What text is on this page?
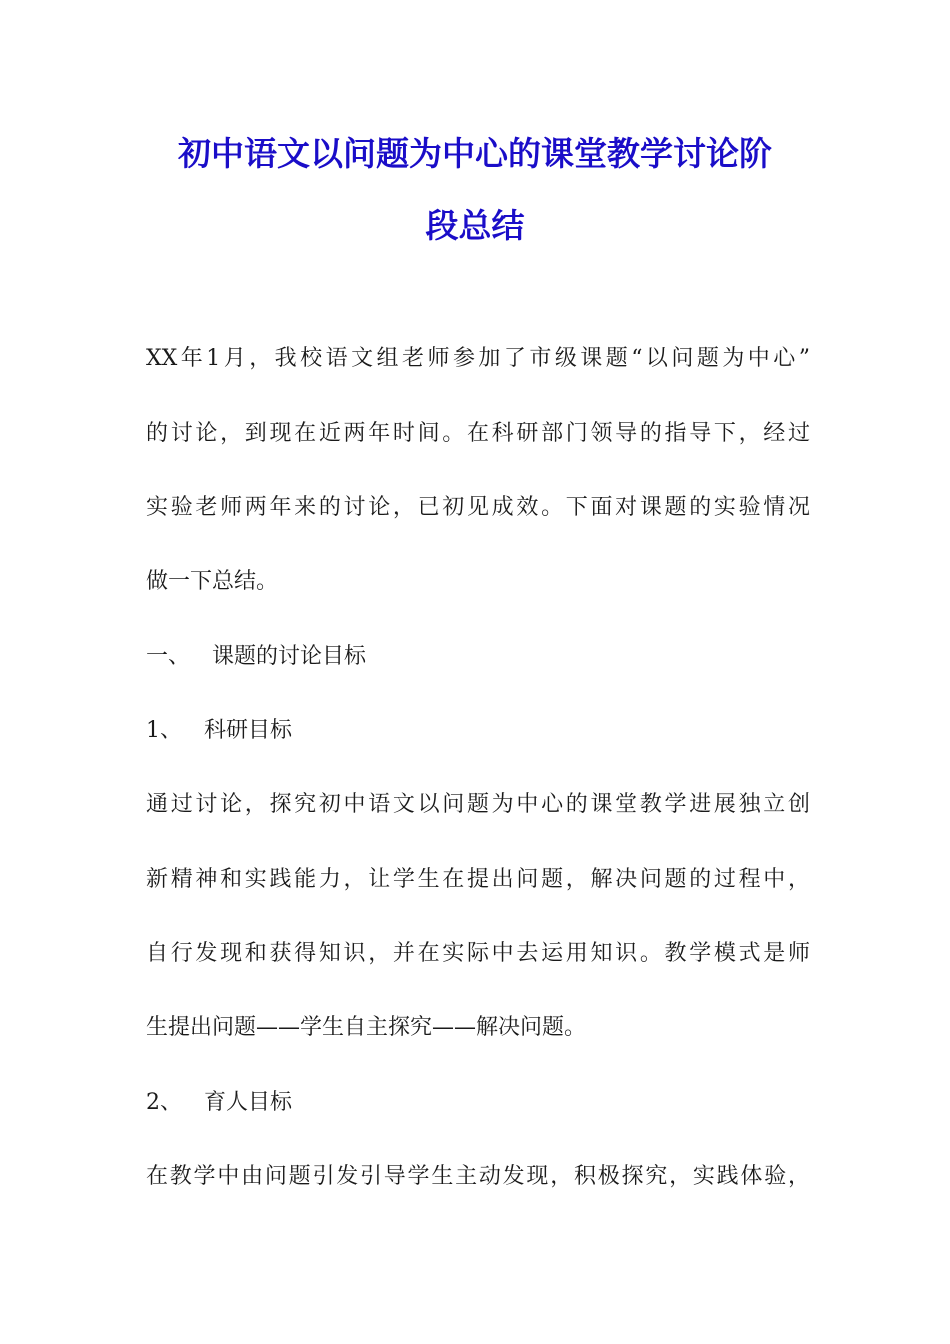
初中语文以问题为中心的课堂教学讨论阶
段总结
XX年1月，我校语文组老师参加了市级课题“以问题为中心”
的讨论，到现在近两年时间。在科研部门领导的指导下，经过
实验老师两年来的讨论，已初见成效。下面对课题的实验情况
做一下总结。
一、 课题的讨论目标
1、 科研目标
通过讨论，探究初中语文以问题为中心的课堂教学进展独立创
新精神和实践能力，让学生在提出问题，解决问题的过程中，
自行发现和获得知识，并在实际中去运用知识。教学模式是师
生提出问题——学生自主探究——解决问题。
2、 育人目标
在教学中由问题引发引导学生主动发现，积极探究，实践体验，
